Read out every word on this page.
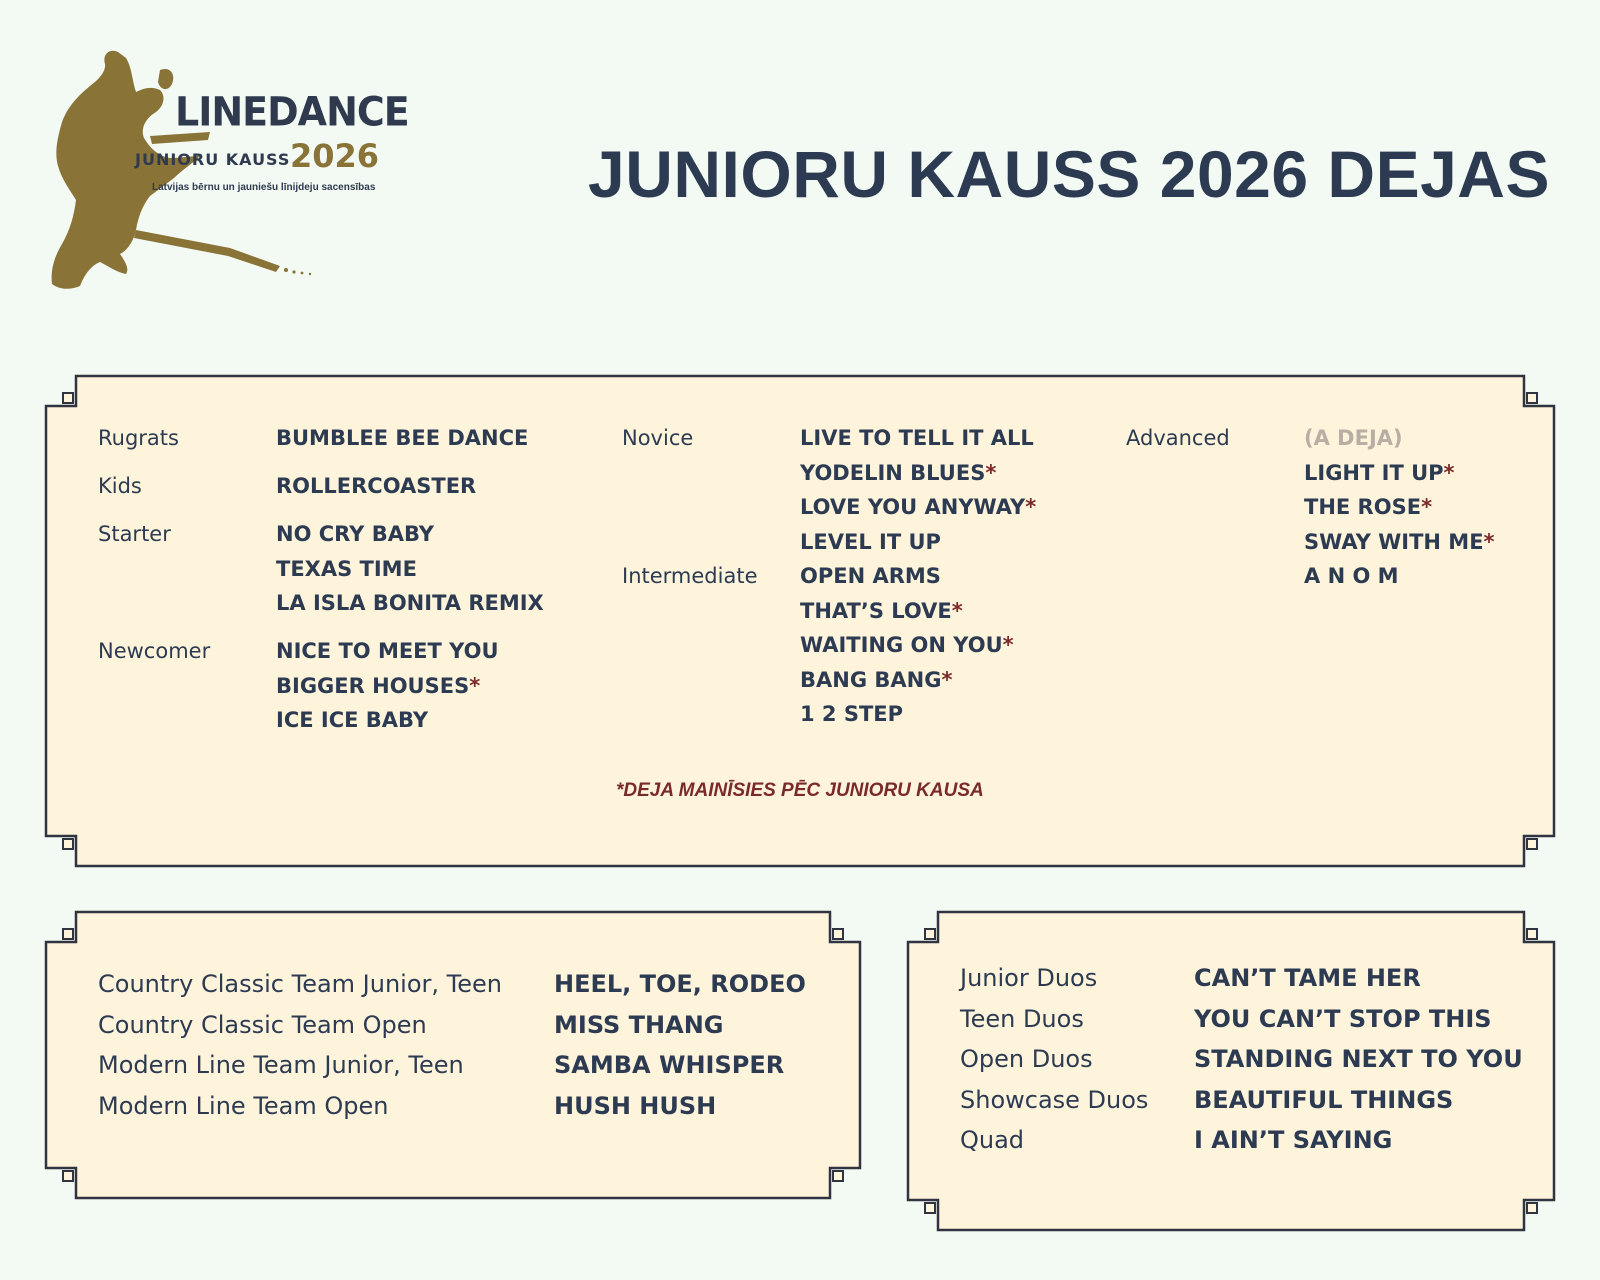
LINEDANCE
JUNIORU KAUSS 2026
Latvijas bērnu un jauniešu līnijdeju sacensības	JUNIORU KAUSS 2026 DEJAS
Rugrats	BUMBLEE BEE DANCE
Kids	ROLLERCOASTER
Starter	NO CRY BABY
TEXAS TIME
LA ISLA BONITA REMIX
Newcomer	NICE TO MEET YOU
BIGGER HOUSES*
ICE ICE BABY
Novice	LIVE TO TELL IT ALL
YODELIN BLUES*
LOVE YOU ANYWAY*
LEVEL IT UP
Intermediate OPEN ARMS
THAT’S LOVE*
WAITING ON YOU*
BANG BANG*
1 2 STEP
Advanced	(A DEJA)
LIGHT IT UP*
THE ROSE*
SWAY WITH ME*
A N O M
*DEJA MAINĪSIES PĒC JUNIORU KAUSA
Country Classic Team Junior, Teen HEEL, TOE, RODEO
Country Classic Team Open	MISS THANG
Modern Line Team Junior, Teen	SAMBA WHISPER
Modern Line Team Open	HUSH HUSH
Junior Duos	CAN’T TAME HER
Teen Duos	YOU CAN’T STOP THIS
Open Duos	STANDING NEXT TO YOU
Showcase Duos BEAUTIFUL THINGS
Quad	I AIN’T SAYING
